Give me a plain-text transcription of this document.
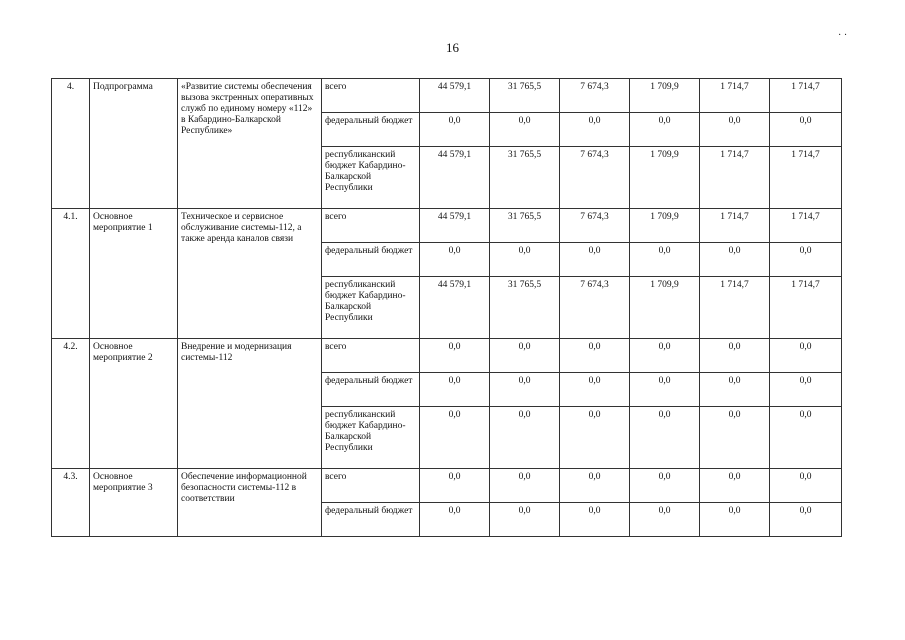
16
· ·
4.	Подпрограмма	«Развитие системы обеспечения вызова экстренных оперативных служб по единому номеру «112» в Кабардино-Балкарской Республике»	всего	44 579,1	31 765,5	7 674,3	1 709,9	1 714,7	1 714,7
			федеральный бюджет	0,0	0,0	0,0	0,0	0,0	0,0
			республиканский бюджет Кабардино-Балкарской Республики	44 579,1	31 765,5	7 674,3	1 709,9	1 714,7	1 714,7
4.1.	Основное мероприятие 1	Техническое и сервисное обслуживание системы-112, а также аренда каналов связи	всего	44 579,1	31 765,5	7 674,3	1 709,9	1 714,7	1 714,7
			федеральный бюджет	0,0	0,0	0,0	0,0	0,0	0,0
			республиканский бюджет Кабардино-Балкарской Республики	44 579,1	31 765,5	7 674,3	1 709,9	1 714,7	1 714,7
4.2.	Основное мероприятие 2	Внедрение и модернизация системы-112	всего	0,0	0,0	0,0	0,0	0,0	0,0
			федеральный бюджет	0,0	0,0	0,0	0,0	0,0	0,0
			республиканский бюджет Кабардино-Балкарской Республики	0,0	0,0	0,0	0,0	0,0	0,0
4.3.	Основное мероприятие 3	Обеспечение информационной безопасности системы-112 в соответствии	всего	0,0	0,0	0,0	0,0	0,0	0,0
			федеральный бюджет	0,0	0,0	0,0	0,0	0,0	0,0
